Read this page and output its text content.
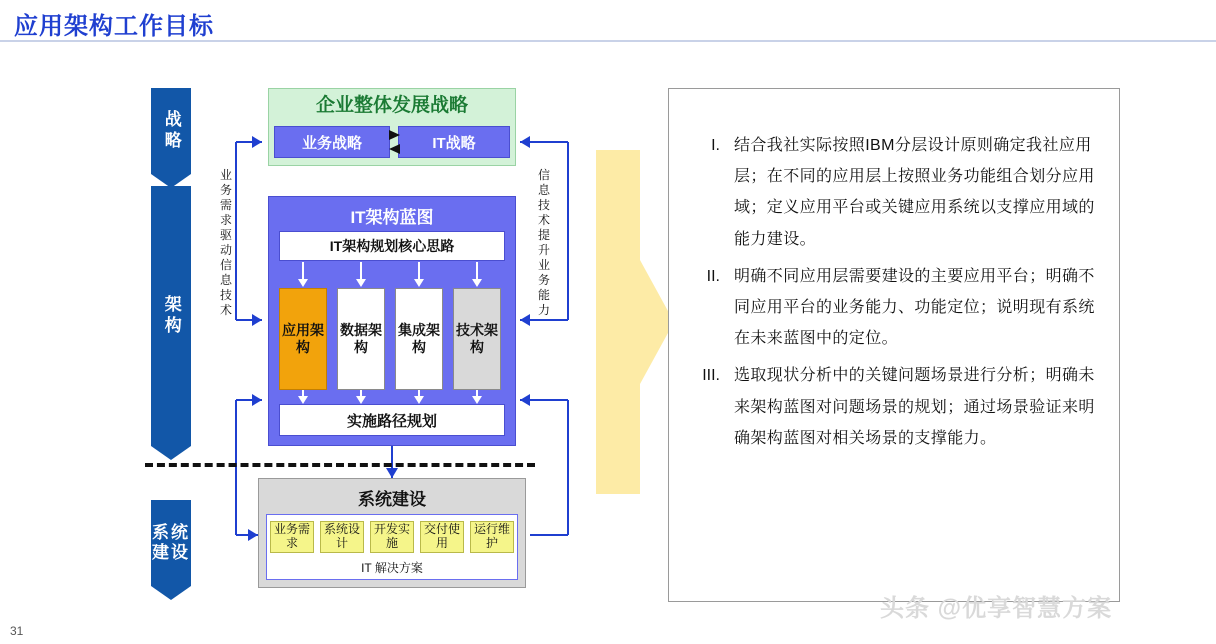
应用架构工作目标
战略
架构
系统建设
企业整体发展战略
业务战略	IT战略
IT架构蓝图
IT架构规划核心思路
应用架构
数据架构
集成架构
技术架构
实施路径规划
业务需求驱动信息技术
信息技术提升业务能力
系统建设
业务需求
系统设计
开发实施
交付使用
运行维护
IT 解决方案
I. 结合我社实际按照IBM分层设计原则确定我社应用层；在不同的应用层上按照业务功能组合划分应用域；定义应用平台或关键应用系统以支撑应用域的能力建设。
II. 明确不同应用层需要建设的主要应用平台；明确不同应用平台的业务能力、功能定位；说明现有系统在未来蓝图中的定位。
III. 选取现状分析中的关键问题场景进行分析；明确未来架构蓝图对问题场景的规划；通过场景验证来明确架构蓝图对相关场景的支撑能力。
头条 @优享智慧方案
31
